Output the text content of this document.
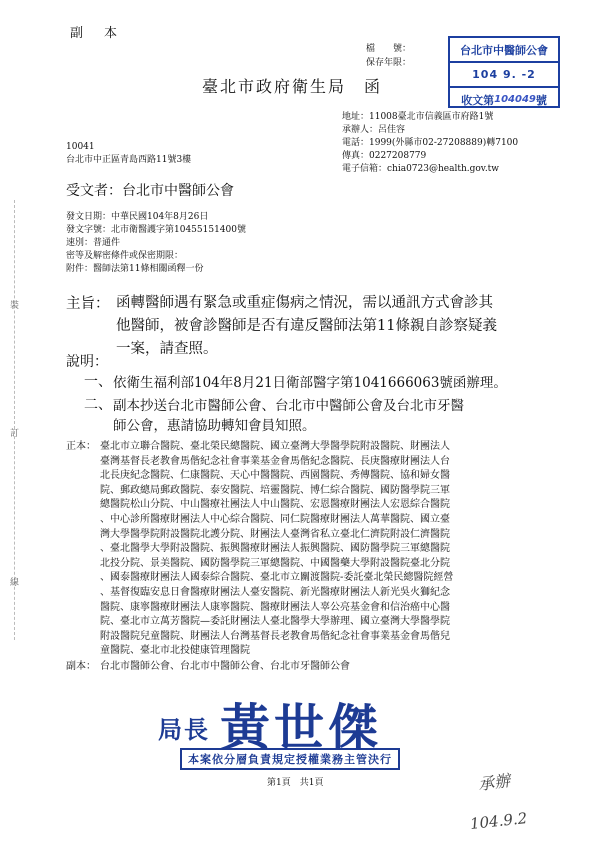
副　本
檔　　號：
保存年限：
台北市中醫師公會
104 9. -2
收文第 104049 號
臺北市政府衛生局　函
地址：11008臺北市信義區市府路1號
承辦人：呂佳容
電話：1999(外縣市02-27208889)轉7100
傳真：0227208779
電子信箱：chia0723@health.gov.tw
10041
台北市中正區青島西路11號3樓
受文者：台北市中醫師公會
發文日期：中華民國104年8月26日
發文字號：北市衛醫護字第10455151400號
速別：普通件
密等及解密條件或保密期限：
附件：醫師法第11條相關函釋一份
主旨： 函轉醫師遇有緊急或重症傷病之情況，需以通訊方式會診其

他醫師，被會診醫師是否有違反醫師法第11條親自診察疑義

一案，請查照。

說明：
一、 依衛生福利部104年8月21日衛部醫字第1041666063號函辦理。
二、 副本抄送台北市醫師公會、台北市中醫師公會及台北市牙醫
師公會，惠請協助轉知會員知照。
裝
訂
線
正本： 臺北市立聯合醫院、臺北榮民總醫院、國立臺灣大學醫學院附設醫院、財團法人
臺灣基督長老教會馬偕紀念社會事業基金會馬偕紀念醫院、長庚醫療財團法人台
北長庚紀念醫院、仁康醫院、天心中醫醫院、西園醫院、秀傳醫院、協和婦女醫
院、郵政總局郵政醫院、泰安醫院、培靈醫院、博仁綜合醫院、國防醫學院三軍
總醫院松山分院、中山醫療社團法人中山醫院、宏恩醫療財團法人宏恩綜合醫院
、中心診所醫療財團法人中心綜合醫院、同仁院醫療財團法人萬華醫院、國立臺
灣大學醫學院附設醫院北護分院、財團法人臺灣省私立臺北仁濟院附設仁濟醫院
、臺北醫學大學附設醫院、振興醫療財團法人振興醫院、國防醫學院三軍總醫院
北投分院、景美醫院、國防醫學院三軍總醫院、中國醫藥大學附設醫院臺北分院
、國泰醫療財團法人國泰綜合醫院、臺北市立關渡醫院-委託臺北榮民總醫院經營
、基督復臨安息日會醫療財團法人臺安醫院、新光醫療財團法人新光吳火獅紀念
醫院、康寧醫療財團法人康寧醫院、醫療財團法人辜公亮基金會和信治癌中心醫
院、臺北市立萬芳醫院—委託財團法人臺北醫學大學辦理、國立臺灣大學醫學院
附設醫院兒童醫院、財團法人台灣基督長老教會馬偕紀念社會事業基金會馬偕兒
童醫院、臺北市北投健康管理醫院
副本： 台北市醫師公會、台北市中醫師公會、台北市牙醫師公會
局長 黃世傑
本案依分層負責規定授權業務主管決行
承辦
104.9.2
第1頁　共1頁
